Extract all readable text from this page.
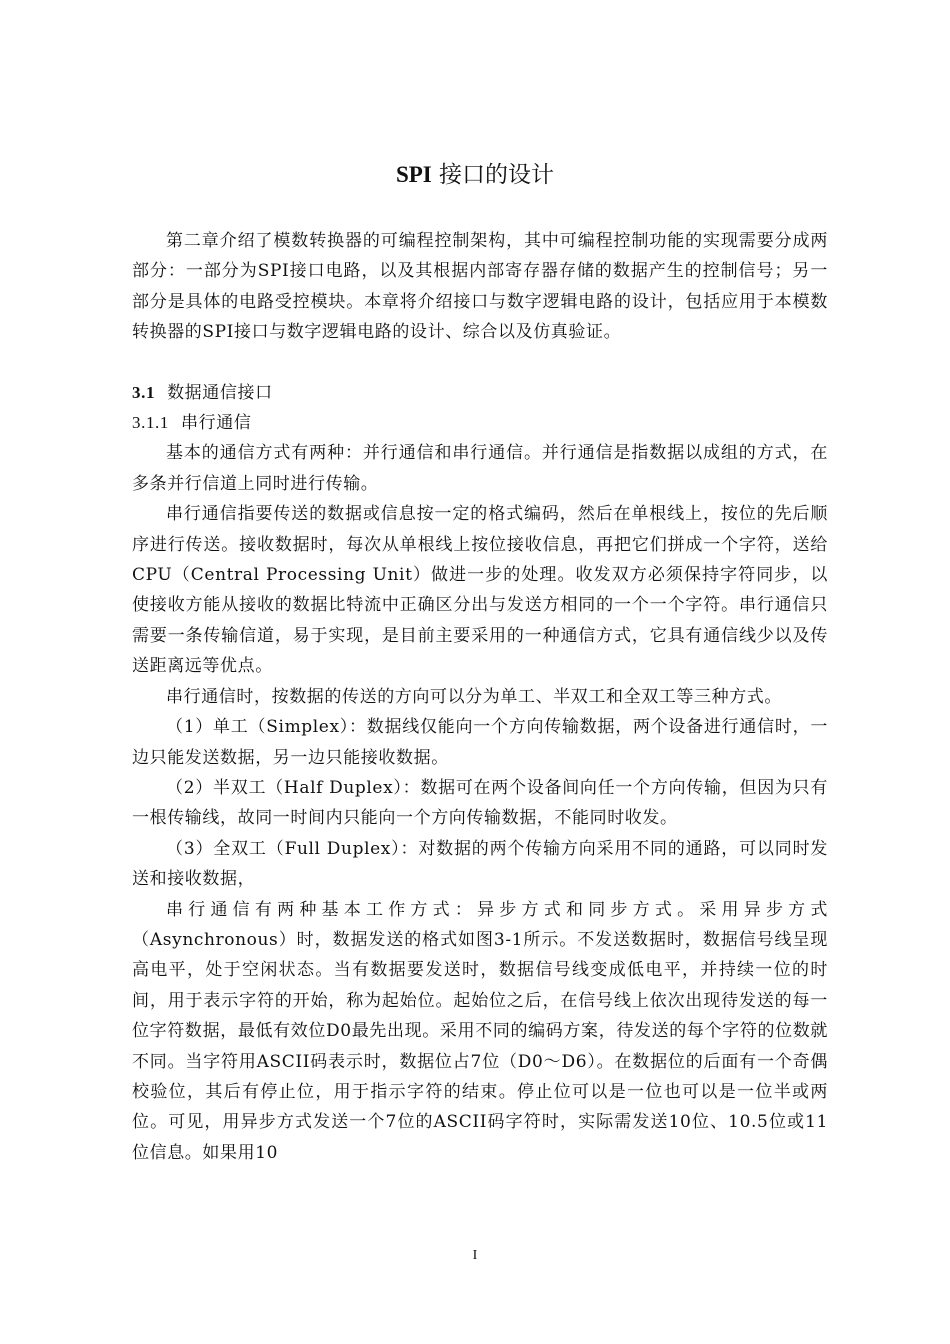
SPI 接口的设计

第二章介绍了模数转换器的可编程控制架构，其中可编程控制功能的实现需要分成两部分：一部分为SPI接口电路，以及其根据内部寄存器存储的数据产生的控制信号；另一部分是具体的电路受控模块。本章将介绍接口与数字逻辑电路的设计，包括应用于本模数转换器的SPI接口与数字逻辑电路的设计、综合以及仿真验证。

3.1 数据通信接口

3.1.1 串行通信

基本的通信方式有两种：并行通信和串行通信。并行通信是指数据以成组的方式，在多条并行信道上同时进行传输。

串行通信指要传送的数据或信息按一定的格式编码，然后在单根线上，按位的先后顺序进行传送。接收数据时，每次从单根线上按位接收信息，再把它们拼成一个字符，送给CPU（Central Processing Unit）做进一步的处理。收发双方必须保持字符同步，以使接收方能从接收的数据比特流中正确区分出与发送方相同的一个一个字符。串行通信只需要一条传输信道，易于实现，是目前主要采用的一种通信方式，它具有通信线少以及传送距离远等优点。

串行通信时，按数据的传送的方向可以分为单工、半双工和全双工等三种方式。

（1）单工（Simplex）：数据线仅能向一个方向传输数据，两个设备进行通信时，一边只能发送数据，另一边只能接收数据。

（2）半双工（Half Duplex）：数据可在两个设备间向任一个方向传输，但因为只有一根传输线，故同一时间内只能向一个方向传输数据，不能同时收发。

（3）全双工（Full Duplex）：对数据的两个传输方向采用不同的通路，可以同时发送和接收数据，

串行通信有两种基本工作方式：异步方式和同步方式。采用异步方式（Asynchronous）时，数据发送的格式如图3-1所示。不发送数据时，数据信号线呈现高电平，处于空闲状态。当有数据要发送时，数据信号线变成低电平，并持续一位的时间，用于表示字符的开始，称为起始位。起始位之后，在信号线上依次出现待发送的每一位字符数据，最低有效位D0最先出现。采用不同的编码方案，待发送的每个字符的位数就不同。当字符用ASCII码表示时，数据位占7位（D0～D6）。在数据位的后面有一个奇偶校验位，其后有停止位，用于指示字符的结束。停止位可以是一位也可以是一位半或两位。可见，用异步方式发送一个7位的ASCII码字符时，实际需发送10位、10.5位或11位信息。如果用10

I
